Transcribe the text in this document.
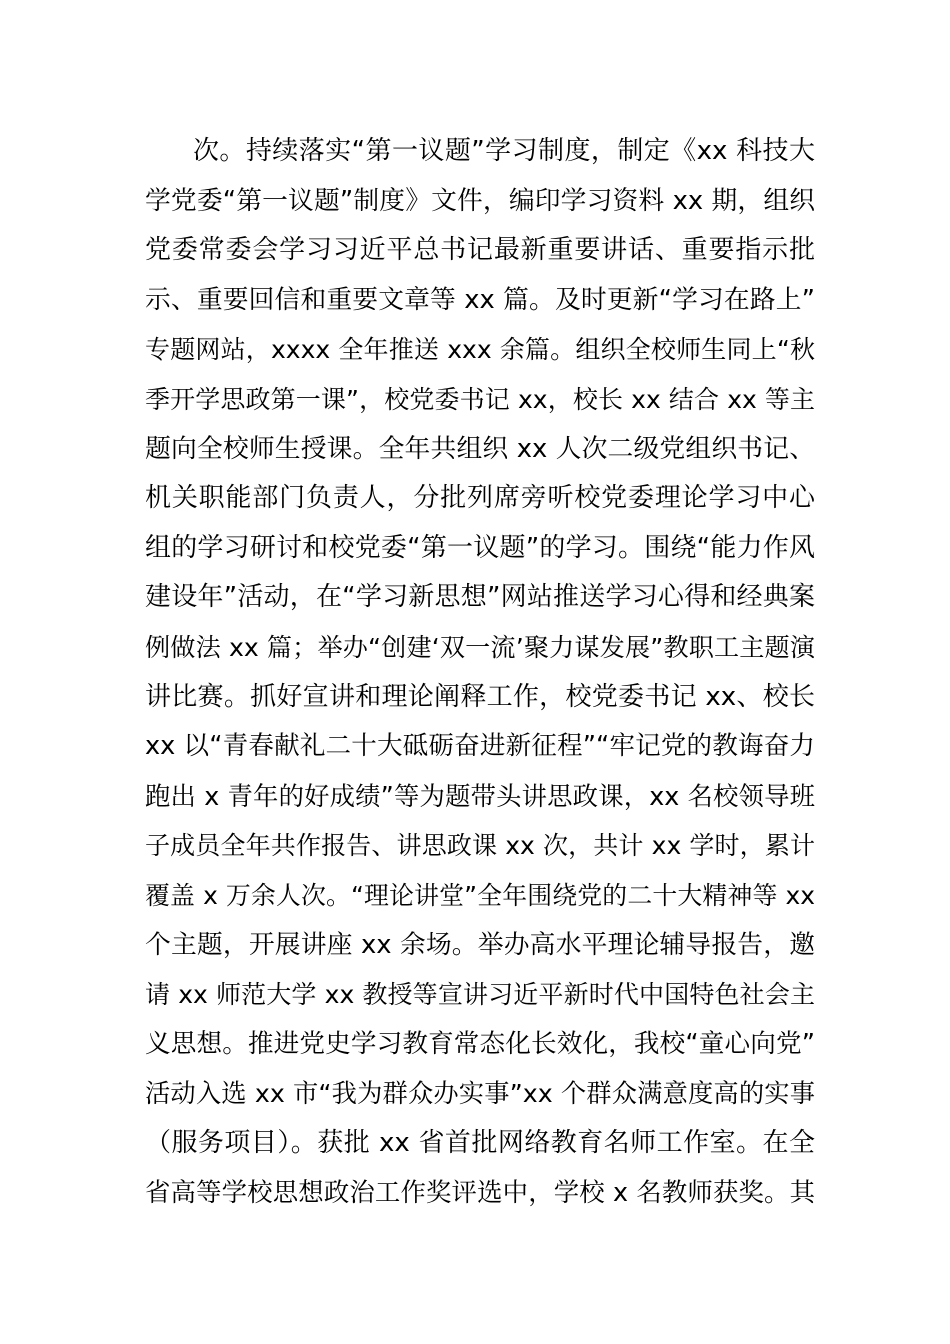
次。持续落实“第一议题”学习制度，制定《xx 科技大
学党委“第一议题”制度》文件，编印学习资料 xx 期，组织
党委常委会学习习近平总书记最新重要讲话、重要指示批
示、重要回信和重要文章等 xx 篇。及时更新“学习在路上”
专题网站，xxxx 全年推送 xxx 余篇。组织全校师生同上“秋
季开学思政第一课”，校党委书记 xx，校长 xx 结合 xx 等主
题向全校师生授课。全年共组织 xx 人次二级党组织书记、
机关职能部门负责人，分批列席旁听校党委理论学习中心
组的学习研讨和校党委“第一议题”的学习。围绕“能力作风
建设年”活动，在“学习新思想”网站推送学习心得和经典案
例做法 xx 篇；举办“创建‘双一流’聚力谋发展”教职工主题演
讲比赛。抓好宣讲和理论阐释工作，校党委书记 xx、校长
xx 以“青春献礼二十大砥砺奋进新征程”“牢记党的教诲奋力
跑出 x 青年的好成绩”等为题带头讲思政课，xx 名校领导班
子成员全年共作报告、讲思政课 xx 次，共计 xx 学时，累计
覆盖 x 万余人次。“理论讲堂”全年围绕党的二十大精神等 xx
个主题，开展讲座 xx 余场。举办高水平理论辅导报告，邀
请 xx 师范大学 xx 教授等宣讲习近平新时代中国特色社会主
义思想。推进党史学习教育常态化长效化，我校“童心向党”
活动入选 xx 市“我为群众办实事”xx 个群众满意度高的实事
（服务项目）。获批 xx 省首批网络教育名师工作室。在全
省高等学校思想政治工作奖评选中，学校 x 名教师获奖。其
